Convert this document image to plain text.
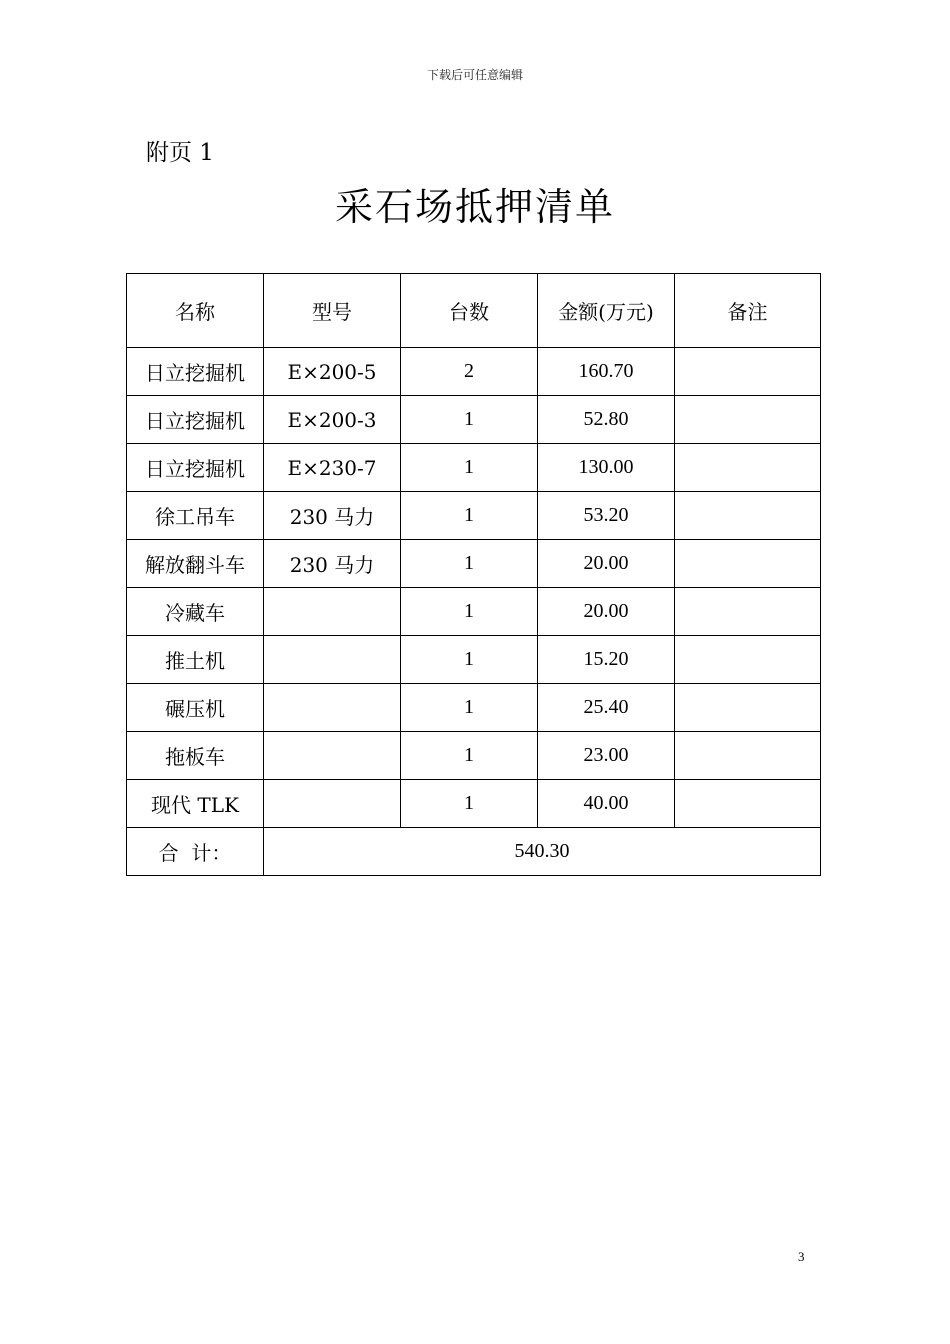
下载后可任意编辑
附页 1
采石场抵押清单
名称	型号	台数	金额(万元)	备注
日立挖掘机	E×200-5	2	160.70	
日立挖掘机	E×200-3	1	52.80	
日立挖掘机	E×230-7	1	130.00	
徐工吊车	230 马力	1	53.20	
解放翻斗车	230 马力	1	20.00	
冷藏车		1	20.00	
推土机		1	15.20	
碾压机		1	25.40	
拖板车		1	23.00	
现代 TLK		1	40.00	
合  计：	540.30			
3
